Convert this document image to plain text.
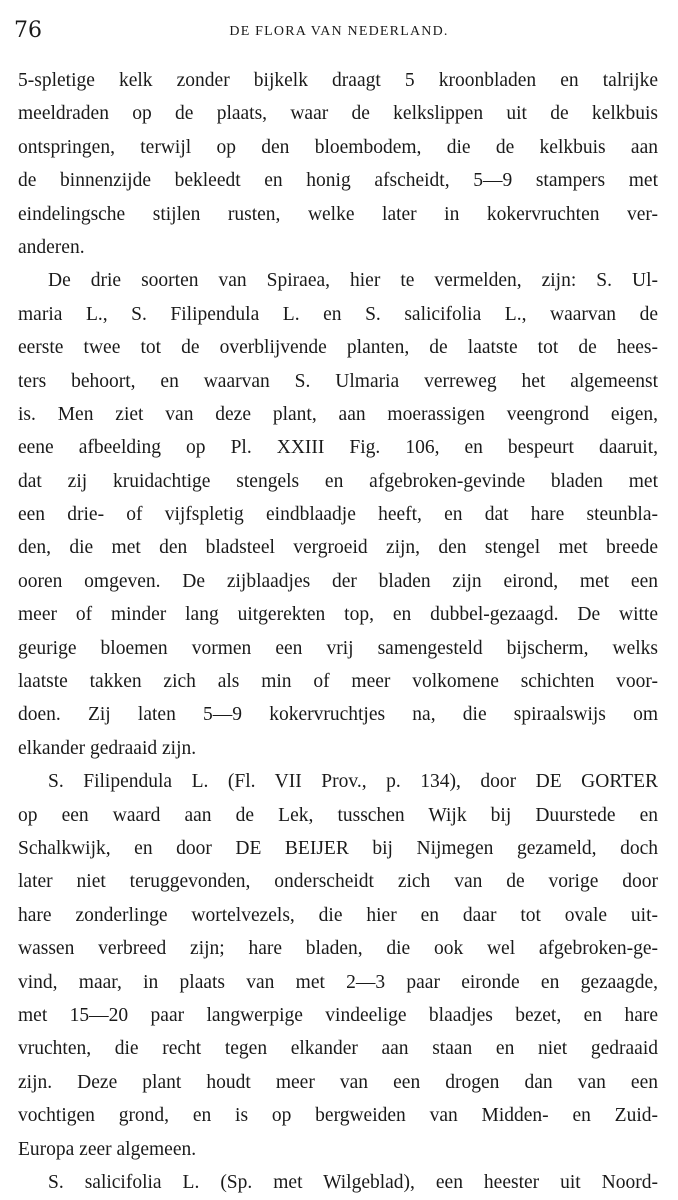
76	DE FLORA VAN NEDERLAND.
5-spletige kelk zonder bijkelk draagt 5 kroonbladen en talrijke
meeldraden op de plaats, waar de kelkslippen uit de kelkbuis
ontspringen, terwijl op den bloembodem, die de kelkbuis aan
de binnenzijde bekleedt en honig afscheidt, 5—9 stampers met
eindelingsche stijlen rusten, welke later in kokervruchten ver-
anderen.
De drie soorten van Spiraea, hier te vermelden, zijn: S. Ul-
maria L., S. Filipendula L. en S. salicifolia L., waarvan de
eerste twee tot de overblijvende planten, de laatste tot de hees-
ters behoort, en waarvan S. Ulmaria verreweg het algemeenst
is. Men ziet van deze plant, aan moerassigen veengrond eigen,
eene afbeelding op Pl. XXIII Fig. 106, en bespeurt daaruit,
dat zij kruidachtige stengels en afgebroken-gevinde bladen met
een drie- of vijfspletig eindblaadje heeft, en dat hare steunbla-
den, die met den bladsteel vergroeid zijn, den stengel met breede
ooren omgeven. De zijblaadjes der bladen zijn eirond, met een
meer of minder lang uitgerekten top, en dubbel-gezaagd. De witte
geurige bloemen vormen een vrij samengesteld bijscherm, welks
laatste takken zich als min of meer volkomene schichten voor-
doen. Zij laten 5—9 kokervruchtjes na, die spiraalswijs om
elkander gedraaid zijn.
S. Filipendula L. (Fl. VII Prov., p. 134), door DE GORTER
op een waard aan de Lek, tusschen Wijk bij Duurstede en
Schalkwijk, en door DE BEIJER bij Nijmegen gezameld, doch
later niet teruggevonden, onderscheidt zich van de vorige door
hare zonderlinge wortelvezels, die hier en daar tot ovale uit-
wassen verbreed zijn; hare bladen, die ook wel afgebroken-ge-
vind, maar, in plaats van met 2—3 paar eironde en gezaagde,
met 15—20 paar langwerpige vindeelige blaadjes bezet, en hare
vruchten, die recht tegen elkander aan staan en niet gedraaid
zijn. Deze plant houdt meer van een drogen dan van een
vochtigen grond, en is op bergweiden van Midden- en Zuid-
Europa zeer algemeen.
S. salicifolia L. (Sp. met Wilgeblad), een heester uit Noord-
